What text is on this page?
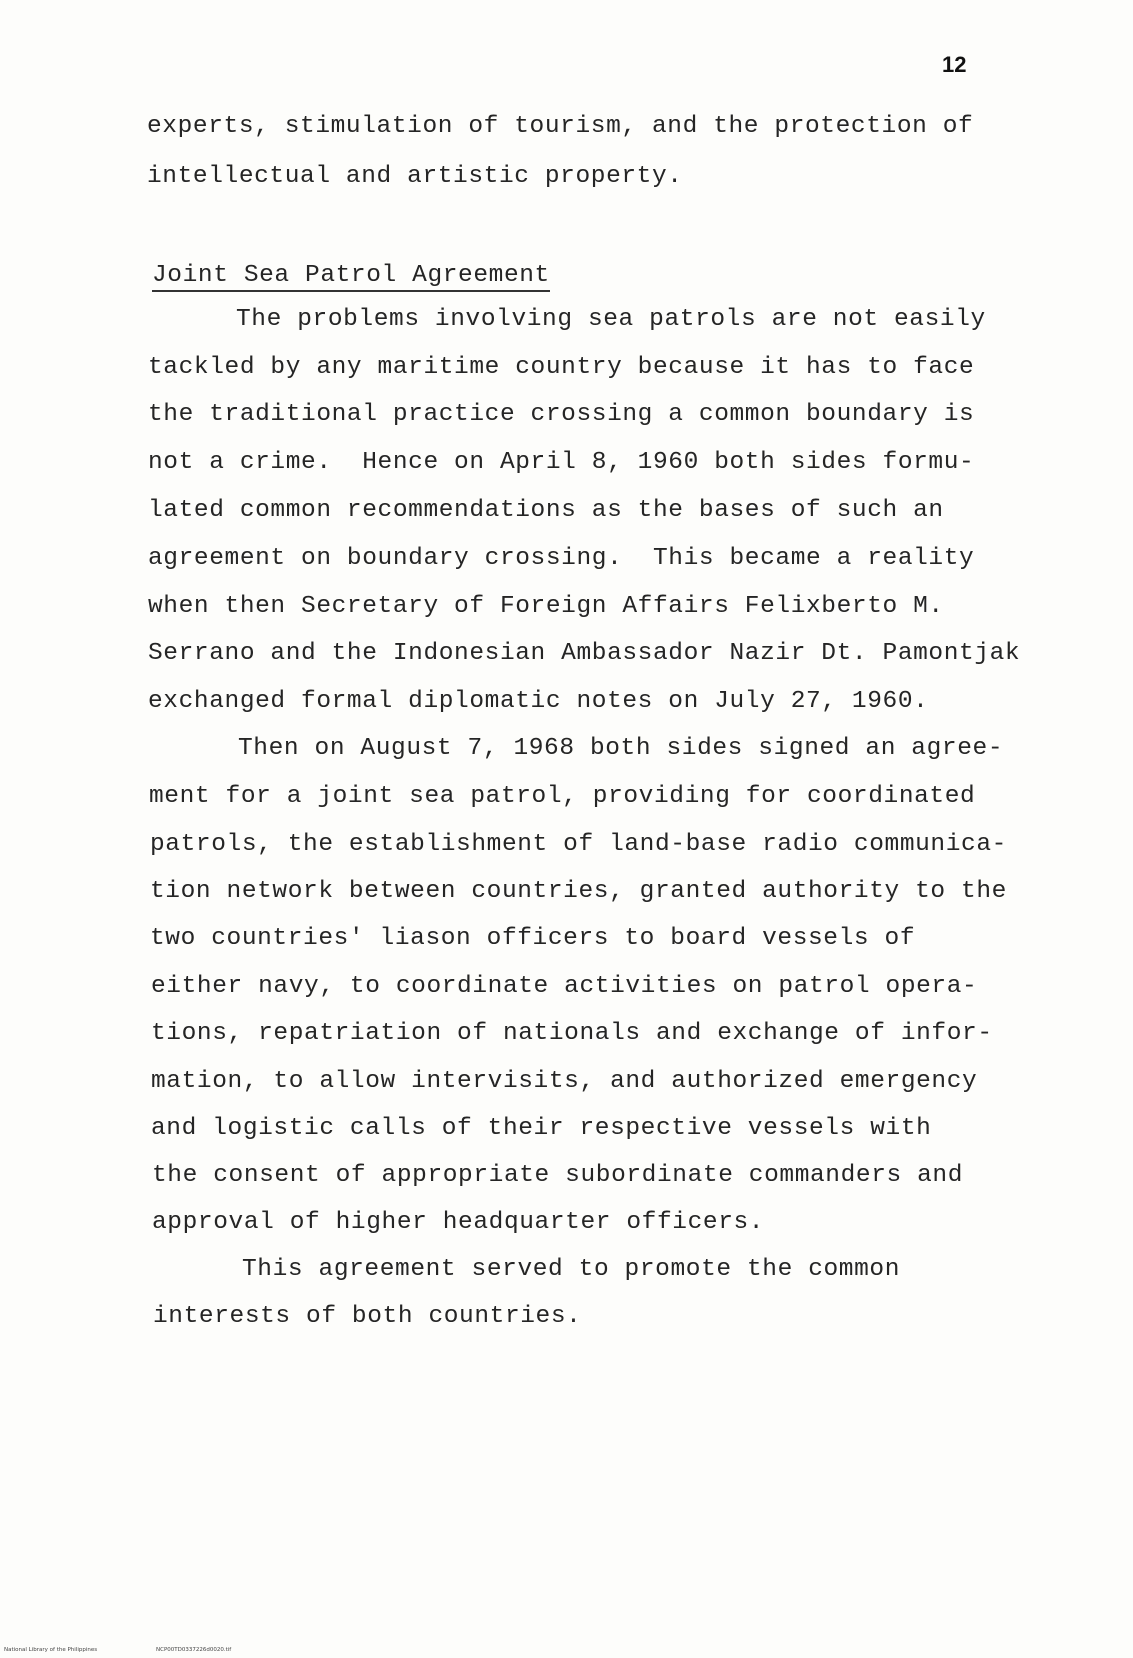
12
experts, stimulation of tourism, and the protection of
intellectual and artistic property.
Joint Sea Patrol Agreement
The problems involving sea patrols are not easily
tackled by any maritime country because it has to face
the traditional practice crossing a common boundary is
not a crime.  Hence on April 8, 1960 both sides formu-
lated common recommendations as the bases of such an
agreement on boundary crossing.  This became a reality
when then Secretary of Foreign Affairs Felixberto M.
Serrano and the Indonesian Ambassador Nazir Dt. Pamontjak
exchanged formal diplomatic notes on July 27, 1960.
Then on August 7, 1968 both sides signed an agree-
ment for a joint sea patrol, providing for coordinated
patrols, the establishment of land-base radio communica-
tion network between countries, granted authority to the
two countries' liason officers to board vessels of
either navy, to coordinate activities on patrol opera-
tions, repatriation of nationals and exchange of infor-
mation, to allow intervisits, and authorized emergency
and logistic calls of their respective vessels with
the consent of appropriate subordinate commanders and
approval of higher headquarter officers.
This agreement served to promote the common
interests of both countries.
National Library of the Philippines	NCP00TD0337226d0020.tif
